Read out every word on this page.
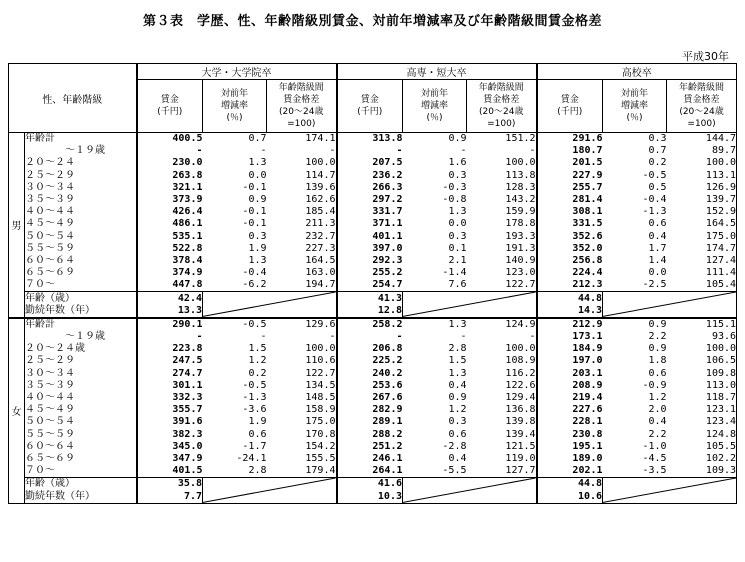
第３表　学歴、性、年齢階級別賃金、対前年増減率及び年齢階級間賃金格差
平成30年
性、年齢階級		大学・大学院卒			高専・短大卒			高校卒		
		賃金
(千円)	対前年
増減率
(％)	年齢階級間
賃金格差
(20～24歳
=100)	賃金
(千円)	対前年
増減率
(％)	年齢階級間
賃金格差
(20～24歳
=100)	賃金
(千円)	対前年
増減率
(％)	年齢階級間
賃金格差
(20～24歳
=100)
男	年齢計	400.5	0.7	174.1	313.8	0.9	151.2	291.6	0.3	144.7
	～１９歳	-	-	-	-	-	-	180.7	0.7	89.7
	２０～２４	230.0	1.3	100.0	207.5	1.6	100.0	201.5	0.2	100.0
	２５～２９	263.8	0.0	114.7	236.2	0.3	113.8	227.9	-0.5	113.1
	３０～３４	321.1	-0.1	139.6	266.3	-0.3	128.3	255.7	0.5	126.9
	３５～３９	373.9	0.9	162.6	297.2	-0.8	143.2	281.4	-0.4	139.7
	４０～４４	426.4	-0.1	185.4	331.7	1.3	159.9	308.1	-1.3	152.9
	４５～４９	486.1	-0.1	211.3	371.1	0.0	178.8	331.5	0.6	164.5
	５０～５４	535.1	0.3	232.7	401.1	0.3	193.3	352.6	0.4	175.0
	５５～５９	522.8	1.9	227.3	397.0	0.1	191.3	352.0	1.7	174.7
	６０～６４	378.4	1.3	164.5	292.3	2.1	140.9	256.8	1.4	127.4
	６５～６９	374.9	-0.4	163.0	255.2	-1.4	123.0	224.4	0.0	111.4
	７０～	447.8	-6.2	194.7	254.7	7.6	122.7	212.3	-2.5	105.4
	年齢（歳）	42.4			41.3			44.8	

	勤続年数（年）	13.3			12.8			14.3		
女	年齢計	290.1	-0.5	129.6	258.2	1.3	124.9	212.9	0.9	115.1
	～１９歳	-	-	-	-	-	-	173.1	2.2	93.6
	２０～２４歳	223.8	1.5	100.0	206.8	2.8	100.0	184.9	0.9	100.0
	２５～２９	247.5	1.2	110.6	225.2	1.5	108.9	197.0	1.8	106.5
	３０～３４	274.7	0.2	122.7	240.2	1.3	116.2	203.1	0.6	109.8
	３５～３９	301.1	-0.5	134.5	253.6	0.4	122.6	208.9	-0.9	113.0
	４０～４４	332.3	-1.3	148.5	267.6	0.9	129.4	219.4	1.2	118.7
	４５～４９	355.7	-3.6	158.9	282.9	1.2	136.8	227.6	2.0	123.1
	５０～５４	391.6	1.9	175.0	289.1	0.3	139.8	228.1	0.4	123.4
	５５～５９	382.3	0.6	170.8	288.2	0.6	139.4	230.8	2.2	124.8
	６０～６４	345.0	-1.7	154.2	251.2	-2.8	121.5	195.1	-1.0	105.5
	６５～６９	347.9	-24.1	155.5	246.1	0.4	119.0	189.0	-4.5	102.2
	７０～	401.5	2.8	179.4	264.1	-5.5	127.7	202.1	-3.5	109.3
	年齢（歳）	35.8			41.6			44.8	

	勤続年数（年）	7.7			10.3			10.6		
